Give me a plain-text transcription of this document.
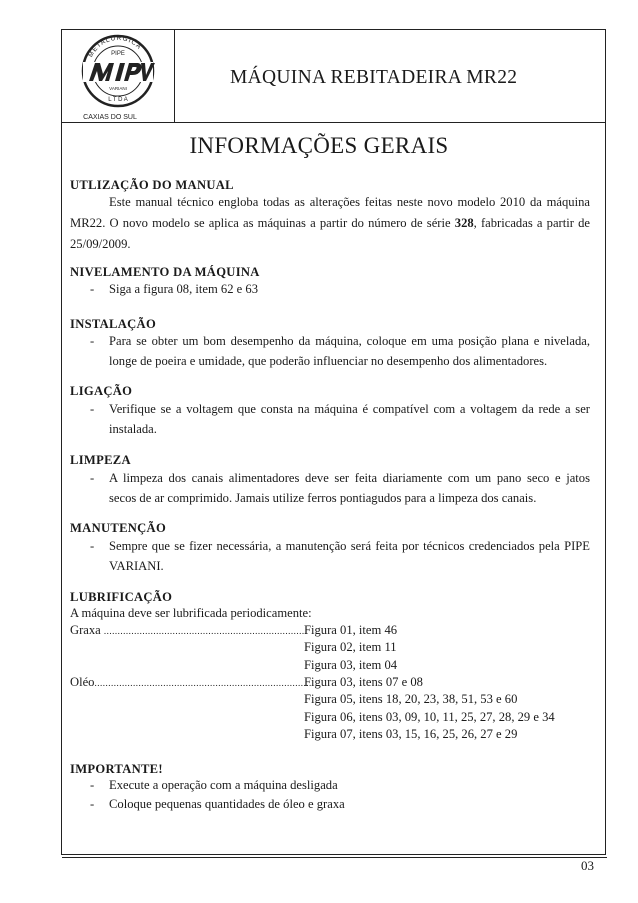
PIPE
VARIANI
L T D A
METALURGICA
CAXIAS DO SUL
MÁQUINA REBITADEIRA MR22
INFORMAÇÕES GERAIS
UTLIZAÇÃO DO MANUAL
Este manual técnico engloba todas as alterações feitas neste novo modelo 2010 da máquina
MR22. O novo modelo se aplica as máquinas a partir do número de série 328, fabricadas a partir de
25/09/2009.
NIVELAMENTO DA MÁQUINA
- Siga a figura 08, item 62 e 63
INSTALAÇÃO
- Para se obter um bom desempenho da máquina, coloque em uma posição plana e nivelada,
longe de poeira e umidade, que poderão influenciar no desempenho dos alimentadores.
LIGAÇÃO
- Verifique se a voltagem que consta na máquina é compatível com a voltagem da rede a ser
instalada.
LIMPEZA
- A limpeza dos canais alimentadores deve ser feita diariamente com um pano seco e jatos
secos de ar comprimido. Jamais utilize ferros pontiagudos para a limpeza dos canais.
MANUTENÇÃO
- Sempre que se fizer necessária, a manutenção será feita por técnicos credenciados pela PIPE
VARIANI.
LUBRIFICAÇÃO
A máquina deve ser lubrificada periodicamente:
Graxa ..........................................................................
Figura 01, item 46
Figura 02, item 11
Figura 03, item 04
Oléo...............................................................................
Figura 03, itens 07 e 08
Figura 05, itens 18, 20, 23, 38, 51, 53 e 60
Figura 06, itens 03, 09, 10, 11, 25, 27, 28, 29 e 34
Figura 07, itens 03, 15, 16, 25, 26, 27 e 29
IMPORTANTE!
- Execute a operação com a máquina desligada
- Coloque pequenas quantidades de óleo e graxa
03
